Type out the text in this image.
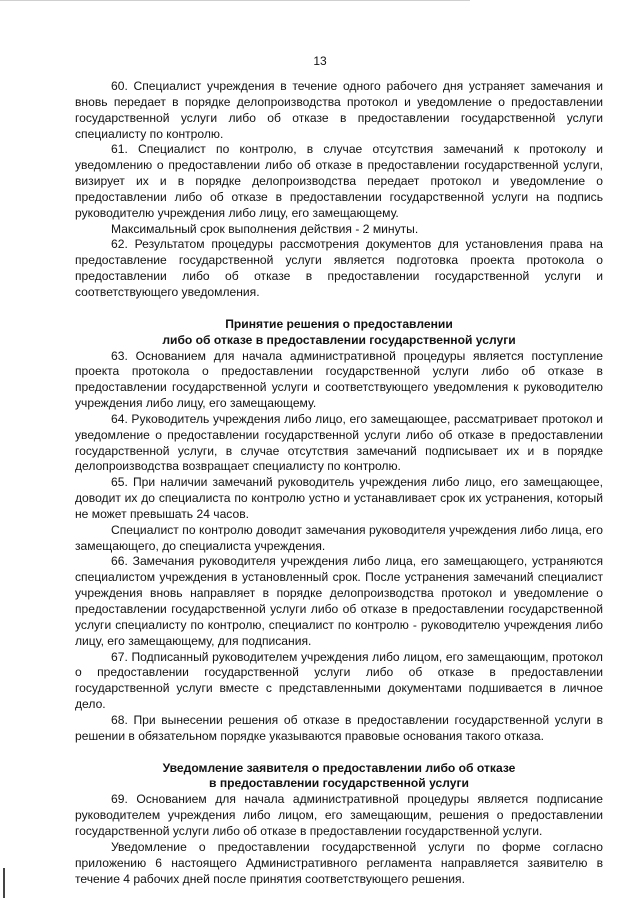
13

60. Специалист учреждения в течение одного рабочего дня устраняет замечания и вновь передает в порядке делопроизводства протокол и уведомление о предоставлении государственной услуги либо об отказе в предоставлении государственной услуги специалисту по контролю.

61. Специалист по контролю, в случае отсутствия замечаний к протоколу и уведомлению о предоставлении либо об отказе в предоставлении государственной услуги, визирует их и в порядке делопроизводства передает протокол и уведомление о предоставлении либо об отказе в предоставлении государственной услуги на подпись руководителю учреждения либо лицу, его замещающему.

Максимальный срок выполнения действия - 2 минуты.

62. Результатом процедуры рассмотрения документов для установления права на предоставление государственной услуги является подготовка проекта протокола о предоставлении либо об отказе в предоставлении государственной услуги и соответствующего уведомления.

Принятие решения о предоставлении

либо об отказе в предоставлении государственной услуги

63. Основанием для начала административной процедуры является поступление проекта протокола о предоставлении государственной услуги либо об отказе в предоставлении государственной услуги и соответствующего уведомления к руководителю учреждения либо лицу, его замещающему.

64. Руководитель учреждения либо лицо, его замещающее, рассматривает протокол и уведомление о предоставлении государственной услуги либо об отказе в предоставлении государственной услуги, в случае отсутствия замечаний подписывает их и в порядке делопроизводства возвращает специалисту по контролю.

65. При наличии замечаний руководитель учреждения либо лицо, его замещающее, доводит их до специалиста по контролю устно и устанавливает срок их устранения, который не может превышать 24 часов.

Специалист по контролю доводит замечания руководителя учреждения либо лица, его замещающего, до специалиста учреждения.

66. Замечания руководителя учреждения либо лица, его замещающего, устраняются специалистом учреждения в установленный срок. После устранения замечаний специалист учреждения вновь направляет в порядке делопроизводства протокол и уведомление о предоставлении государственной услуги либо об отказе в предоставлении государственной услуги специалисту по контролю, специалист по контролю - руководителю учреждения либо лицу, его замещающему, для подписания.

67. Подписанный руководителем учреждения либо лицом, его замещающим, протокол о предоставлении государственной услуги либо об отказе в предоставлении государственной услуги вместе с представленными документами подшивается в личное дело.

68. При вынесении решения об отказе в предоставлении государственной услуги в решении в обязательном порядке указываются правовые основания такого отказа.

Уведомление заявителя о предоставлении либо об отказе

в предоставлении государственной услуги

69. Основанием для начала административной процедуры является подписание руководителем учреждения либо лицом, его замещающим, решения о предоставлении государственной услуги либо об отказе в предоставлении государственной услуги.

Уведомление о предоставлении государственной услуги по форме согласно приложению 6 настоящего Административного регламента направляется заявителю в течение 4 рабочих дней после принятия соответствующего решения.
